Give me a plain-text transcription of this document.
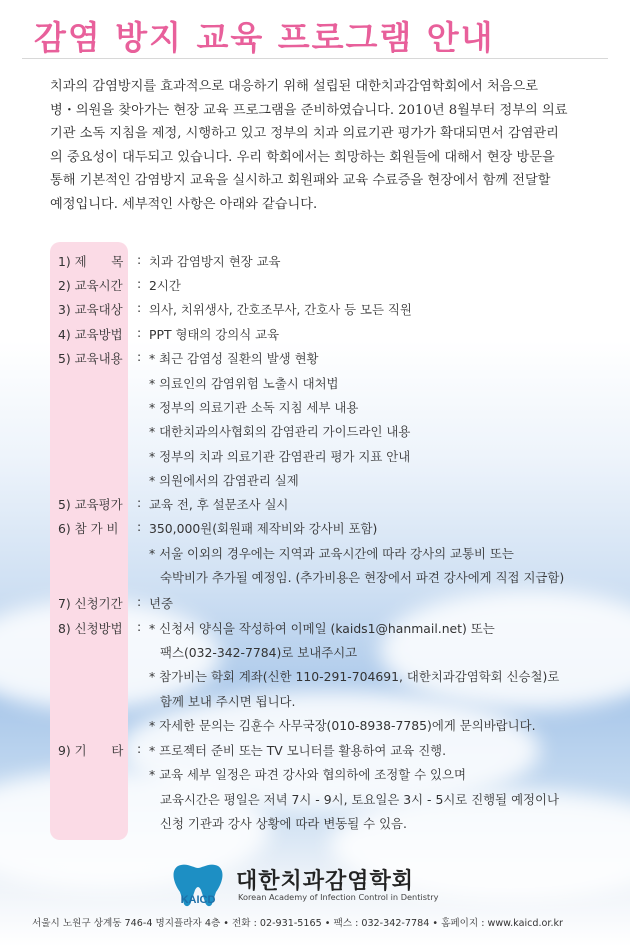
감염 방지 교육 프로그램 안내
치과의 감염방지를 효과적으로 대응하기 위해 설립된 대한치과감염학회에서 처음으로
병・의원을 찾아가는 현장 교육 프로그램을 준비하였습니다. 2010년 8월부터 정부의 의료
기관 소독 지침을 제정, 시행하고 있고 정부의 치과 의료기관 평가가 확대되면서 감염관리
의 중요성이 대두되고 있습니다. 우리 학회에서는 희망하는 회원들에 대해서 현장 방문을
통해 기본적인 감염방지 교육을 실시하고 회원패와 교육 수료증을 현장에서 함께 전달할
예정입니다. 세부적인 사항은 아래와 같습니다.
1) 제　　목	: 치과 감염방지 현장 교육
2) 교육시간	: 2시간
3) 교육대상	: 의사, 치위생사, 간호조무사, 간호사 등 모든 직원
4) 교육방법	: PPT 형태의 강의식 교육
5) 교육내용	: * 최근 감염성 질환의 발생 현황
* 의료인의 감염위험 노출시 대처법
* 정부의 의료기관 소독 지침 세부 내용
* 대한치과의사협회의 감염관리 가이드라인 내용
* 정부의 치과 의료기관 감염관리 평가 지표 안내
* 의원에서의 감염관리 실제
5) 교육평가	: 교육 전, 후 설문조사 실시
6) 참 가 비	: 350,000원(회원패 제작비와 강사비 포함)
* 서울 이외의 경우에는 지역과 교육시간에 따라 강사의 교통비 또는
숙박비가 추가될 예정임. (추가비용은 현장에서 파견 강사에게 직접 지급함)
7) 신청기간	: 년중
8) 신청방법	: * 신청서 양식을 작성하여 이메일 (kaids1@hanmail.net) 또는
팩스(032-342-7784)로 보내주시고
* 참가비는 학회 계좌(신한 110-291-704691, 대한치과감염학회 신승철)로
함께 보내 주시면 됩니다.
* 자세한 문의는 김훈수 사무국장(010-8938-7785)에게 문의바랍니다.
9) 기　　타	: * 프로젝터 준비 또는 TV 모니터를 활용하여 교육 진행.
* 교육 세부 일정은 파견 강사와 협의하에 조정할 수 있으며
교육시간은 평일은 저녁 7시 - 9시, 토요일은 3시 - 5시로 진행될 예정이나
신청 기관과 강사 상황에 따라 변동될 수 있음.
KAICD
대한치과감염학회
Korean Academy of Infection Control in Dentistry
서울시 노원구 상계동 746-4 명지플라자 4층 • 전화 : 02-931-5165 • 팩스 : 032-342-7784 • 홈페이지 : www.kaicd.or.kr
